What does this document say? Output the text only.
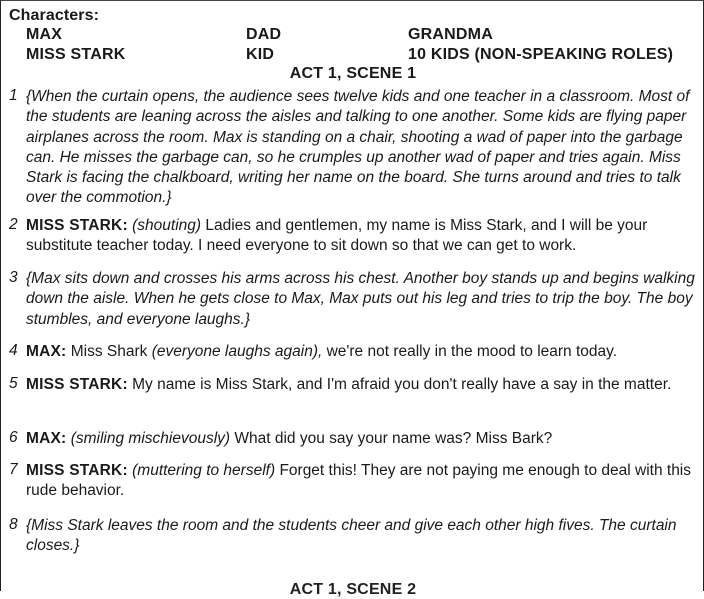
Characters:
MAX	DAD	GRANDMA
MISS STARK	KID	10 KIDS (NON-SPEAKING ROLES)
ACT 1, SCENE 1
1 {When the curtain opens, the audience sees twelve kids and one teacher in a classroom. Most of the students are leaning across the aisles and talking to one another. Some kids are flying paper airplanes across the room. Max is standing on a chair, shooting a wad of paper into the garbage can. He misses the garbage can, so he crumples up another wad of paper and tries again. Miss Stark is facing the chalkboard, writing her name on the board. She turns around and tries to talk over the commotion.}
2 MISS STARK: (shouting) Ladies and gentlemen, my name is Miss Stark, and I will be your substitute teacher today. I need everyone to sit down so that we can get to work.
3 {Max sits down and crosses his arms across his chest. Another boy stands up and begins walking down the aisle. When he gets close to Max, Max puts out his leg and tries to trip the boy. The boy stumbles, and everyone laughs.}
4 MAX: Miss Shark (everyone laughs again), we're not really in the mood to learn today.
5 MISS STARK: My name is Miss Stark, and I'm afraid you don't really have a say in the matter.
6 MAX: (smiling mischievously) What did you say your name was? Miss Bark?
7 MISS STARK: (muttering to herself) Forget this! They are not paying me enough to deal with this rude behavior.
8 {Miss Stark leaves the room and the students cheer and give each other high fives. The curtain closes.}
ACT 1, SCENE 2
